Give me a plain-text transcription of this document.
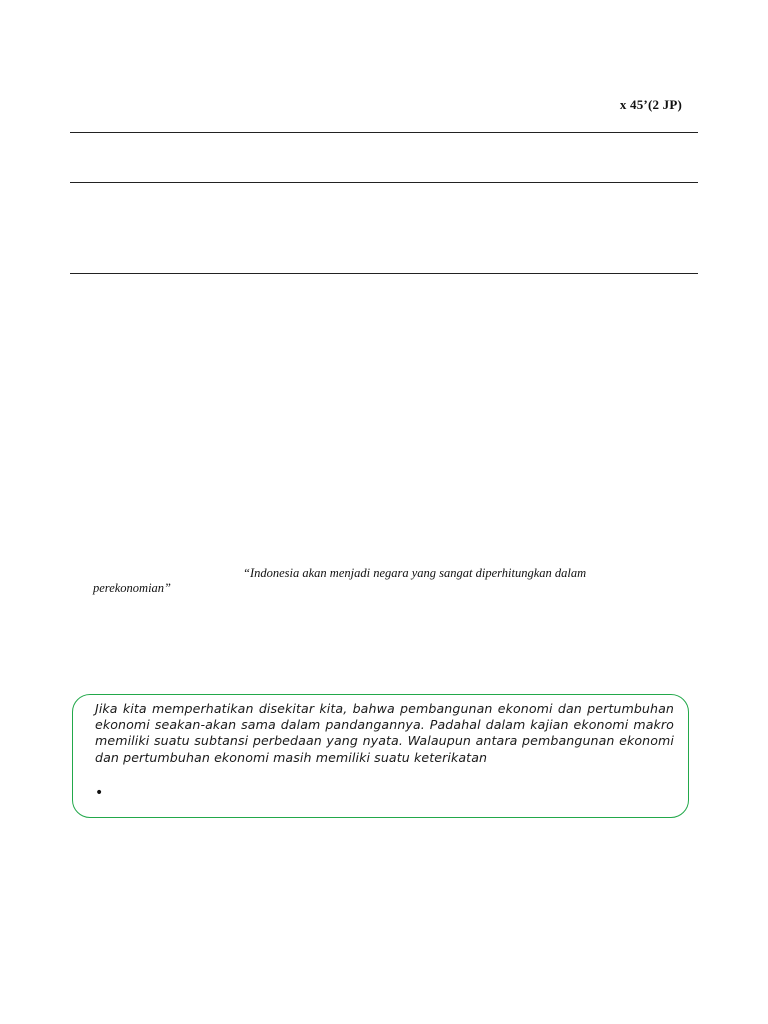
x 45’(2 JP)
“Indonesia akan menjadi negara yang sangat diperhitungkan dalam
perekonomian”

Jika kita memperhatikan disekitar kita, bahwa pembangunan ekonomi dan pertumbuhan ekonomi seakan-akan sama dalam pandangannya. Padahal dalam kajian ekonomi makro memiliki suatu subtansi perbedaan yang nyata. Walaupun antara pembangunan ekonomi dan pertumbuhan ekonomi masih memiliki suatu keterikatan

•
